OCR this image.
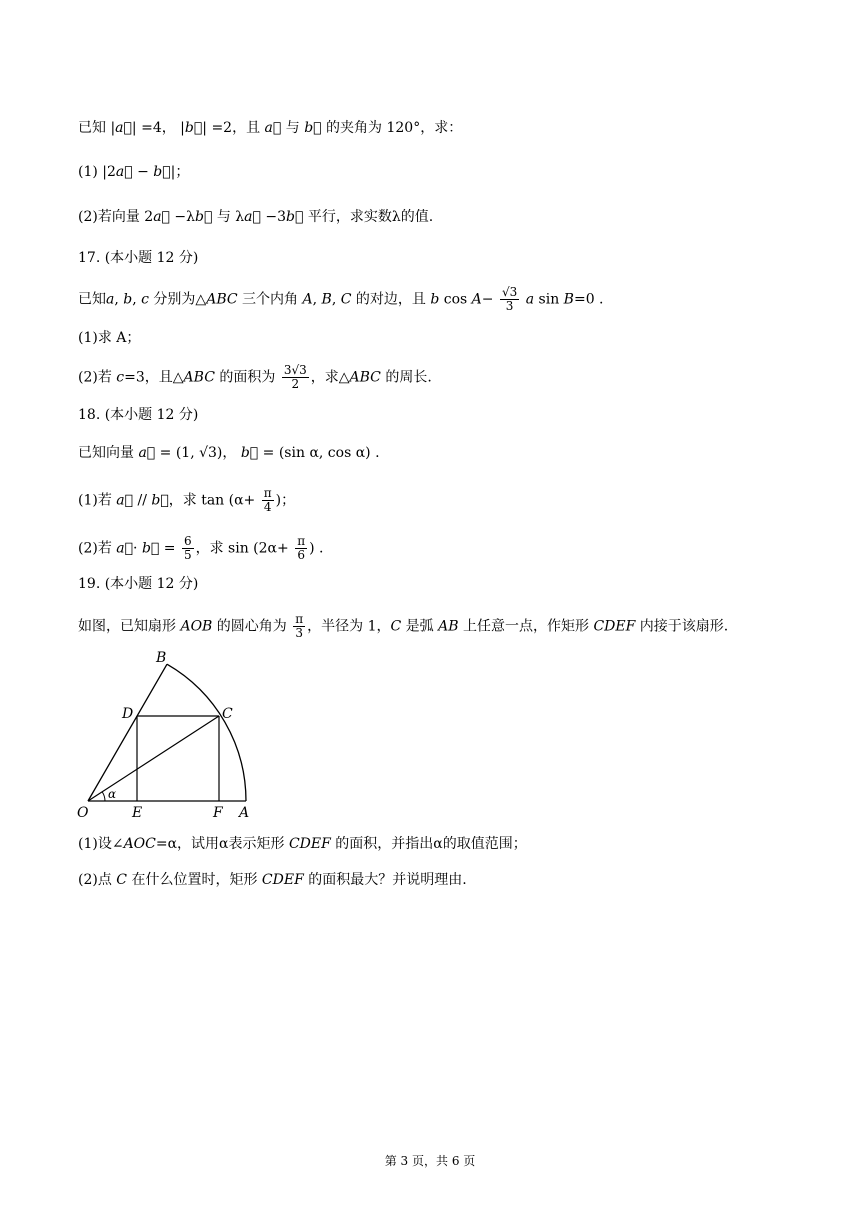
已知 |a⃗| =4， |b⃗| =2，且 a⃗ 与 b⃗ 的夹角为 120°，求：
(1) |2a⃗ − b⃗|；
(2)若向量 2a⃗ −λb⃗ 与 λa⃗ −3b⃗ 平行，求实数λ的值.
17. (本小题 12 分)
已知a, b, c 分别为△ABC 三个内角 A, B, C 的对边，且 b $\cos A- \frac{√3}{3}$ a sin B=0 .
(1)求 A；
(2)若 c=3，且△ABC 的面积为 $\frac{3√3}{2}$ ，求△ABC 的周长.
18. (本小题 12 分)
已知向量 a⃗ = (1, √3)， b⃗ = (sin α, cos α) .
(1)若 a⃗ // b⃗，求 $\tan (\alpha+ \frac{\pi}{4}$ )；
(2)若 a⃗· b⃗ = $\frac{6}{5}$ ，求 $\sin (2\alpha+ \frac{\pi}{6}$ ) .
19. (本小题 12 分)
如图，已知扇形 AOB 的圆心角为 $\frac{\pi}{3}$ ，半径为 1，C 是弧 AB 上任意一点，作矩形 CDEF 内接于该扇形.
O	A
B
C
D
E	F
α
(1)设∠AOC=α，试用α表示矩形 CDEF 的面积，并指出α的取值范围；
(2)点 C 在什么位置时，矩形 CDEF 的面积最大？并说明理由.
第 3 页，共 6 页
